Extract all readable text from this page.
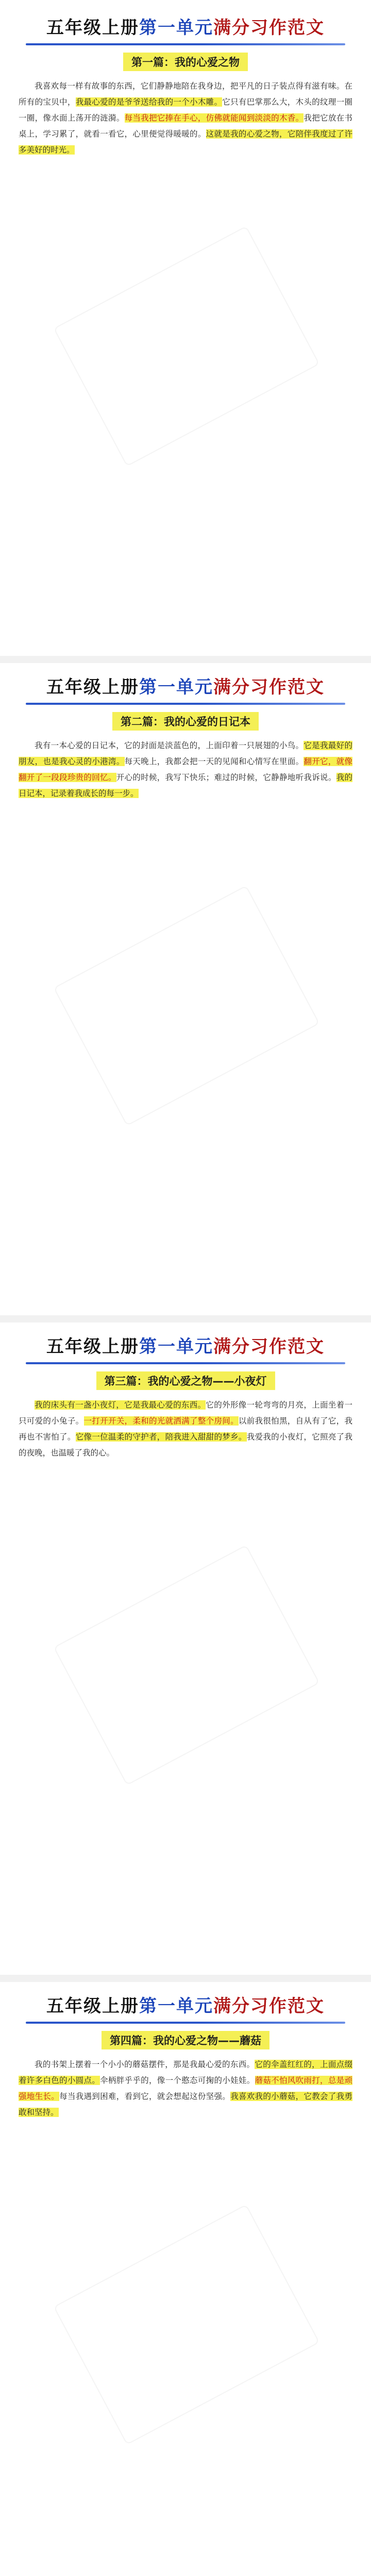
五年级上册第一单元满分习作范文
第一篇：我的心爱之物

我喜欢每一样有故事的东西，它们静静地陪在我身边，把平凡的日子装点得有滋有味。在所有的宝贝中，我最心爱的是爷爷送给我的一个小木雕。它只有巴掌那么大，木头的纹理一圈一圈，像水面上荡开的涟漪。每当我把它捧在手心，仿佛就能闻到淡淡的木香。我把它放在书桌上，学习累了，就看一看它，心里便觉得暖暖的。这就是我的心爱之物，它陪伴我度过了许多美好的时光。

五年级上册第一单元满分习作范文
第二篇：我的心爱的日记本

我有一本心爱的日记本，它的封面是淡蓝色的，上面印着一只展翅的小鸟。它是我最好的朋友，也是我心灵的小港湾。每天晚上，我都会把一天的见闻和心情写在里面。翻开它，就像翻开了一段段珍贵的回忆。开心的时候，我写下快乐；难过的时候，它静静地听我诉说。我的日记本，记录着我成长的每一步。

五年级上册第一单元满分习作范文
第三篇：我的心爱之物——小夜灯

我的床头有一盏小夜灯，它是我最心爱的东西。它的外形像一轮弯弯的月亮，上面坐着一只可爱的小兔子。一打开开关，柔和的光就洒满了整个房间。以前我很怕黑，自从有了它，我再也不害怕了。它像一位温柔的守护者，陪我进入甜甜的梦乡。我爱我的小夜灯，它照亮了我的夜晚，也温暖了我的心。

五年级上册第一单元满分习作范文
第四篇：我的心爱之物——蘑菇

我的书架上摆着一个小小的蘑菇摆件，那是我最心爱的东西。它的伞盖红红的，上面点缀着许多白色的小圆点。伞柄胖乎乎的，像一个憨态可掬的小娃娃。蘑菇不怕风吹雨打，总是顽强地生长。每当我遇到困难，看到它，就会想起这份坚强。我喜欢我的小蘑菇，它教会了我勇敢和坚持。
